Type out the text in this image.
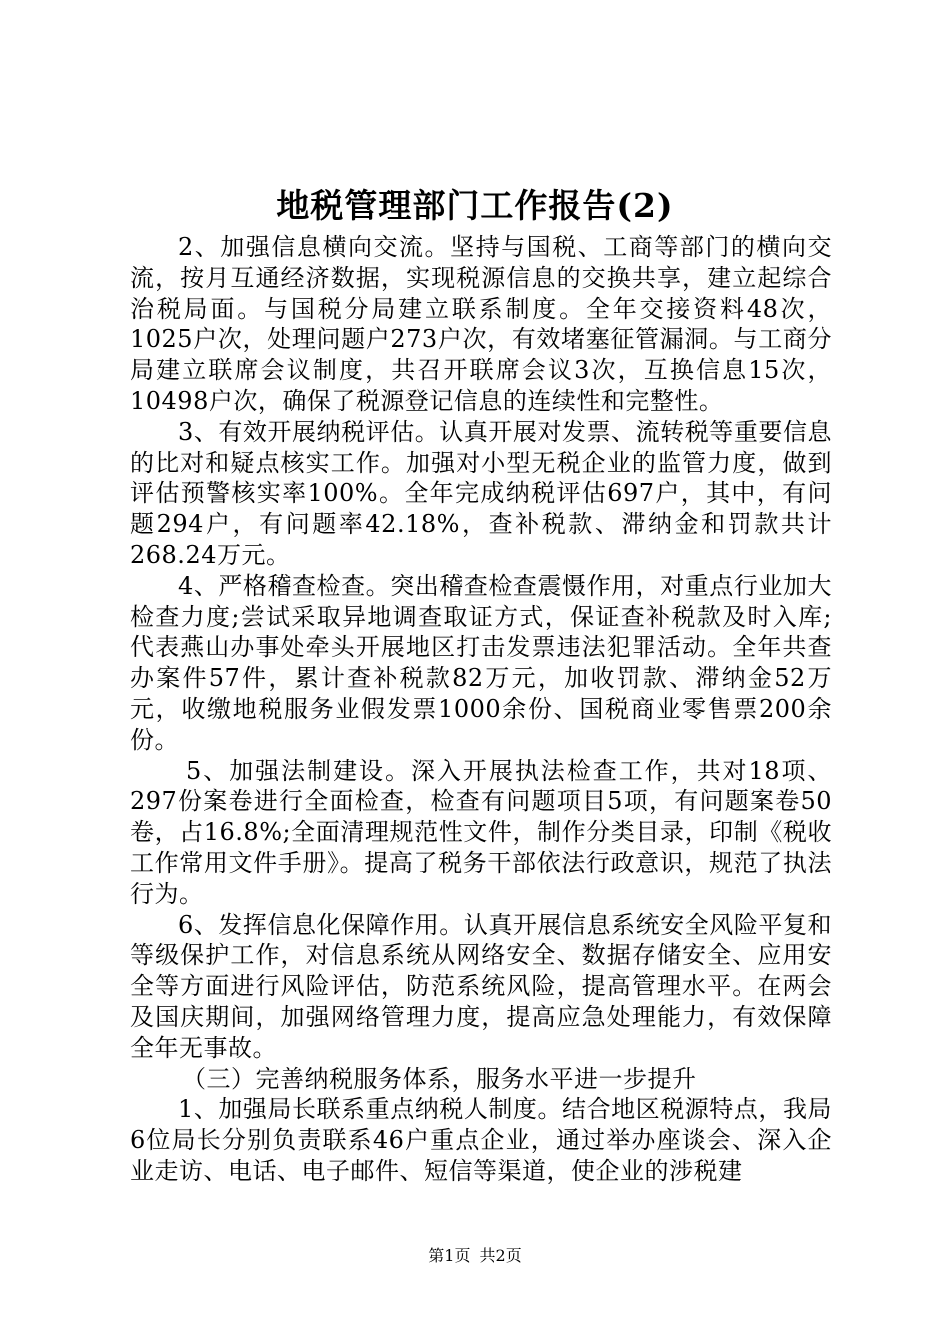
地税管理部门工作报告(2)

2、加强信息横向交流。坚持与国税、工商等部门的横向交流，按月互通经济数据，实现税源信息的交换共享，建立起综合治税局面。与国税分局建立联系制度。全年交接资料48次，1025户次，处理问题户273户次，有效堵塞征管漏洞。与工商分局建立联席会议制度，共召开联席会议3次，互换信息15次，10498户次，确保了税源登记信息的连续性和完整性。

3、有效开展纳税评估。认真开展对发票、流转税等重要信息的比对和疑点核实工作。加强对小型无税企业的监管力度，做到评估预警核实率100%。全年完成纳税评估697户，其中，有问题294户，有问题率42.18%，查补税款、滞纳金和罚款共计268.24万元。

4、严格稽查检查。突出稽查检查震慑作用，对重点行业加大检查力度;尝试采取异地调查取证方式，保证查补税款及时入库;代表燕山办事处牵头开展地区打击发票违法犯罪活动。全年共查办案件57件，累计查补税款82万元，加收罚款、滞纳金52万元，收缴地税服务业假发票1000余份、国税商业零售票200余份。

5、加强法制建设。深入开展执法检查工作，共对18项、297份案卷进行全面检查，检查有问题项目5项，有问题案卷50卷，占16.8%;全面清理规范性文件，制作分类目录，印制《税收工作常用文件手册》。提高了税务干部依法行政意识，规范了执法行为。

6、发挥信息化保障作用。认真开展信息系统安全风险平复和等级保护工作，对信息系统从网络安全、数据存储安全、应用安全等方面进行风险评估，防范系统风险，提高管理水平。在两会及国庆期间，加强网络管理力度，提高应急处理能力，有效保障全年无事故。

（三）完善纳税服务体系，服务水平进一步提升

1、加强局长联系重点纳税人制度。结合地区税源特点，我局6位局长分别负责联系46户重点企业，通过举办座谈会、深入企业走访、电话、电子邮件、短信等渠道，使企业的涉税建

第1页 共2页
